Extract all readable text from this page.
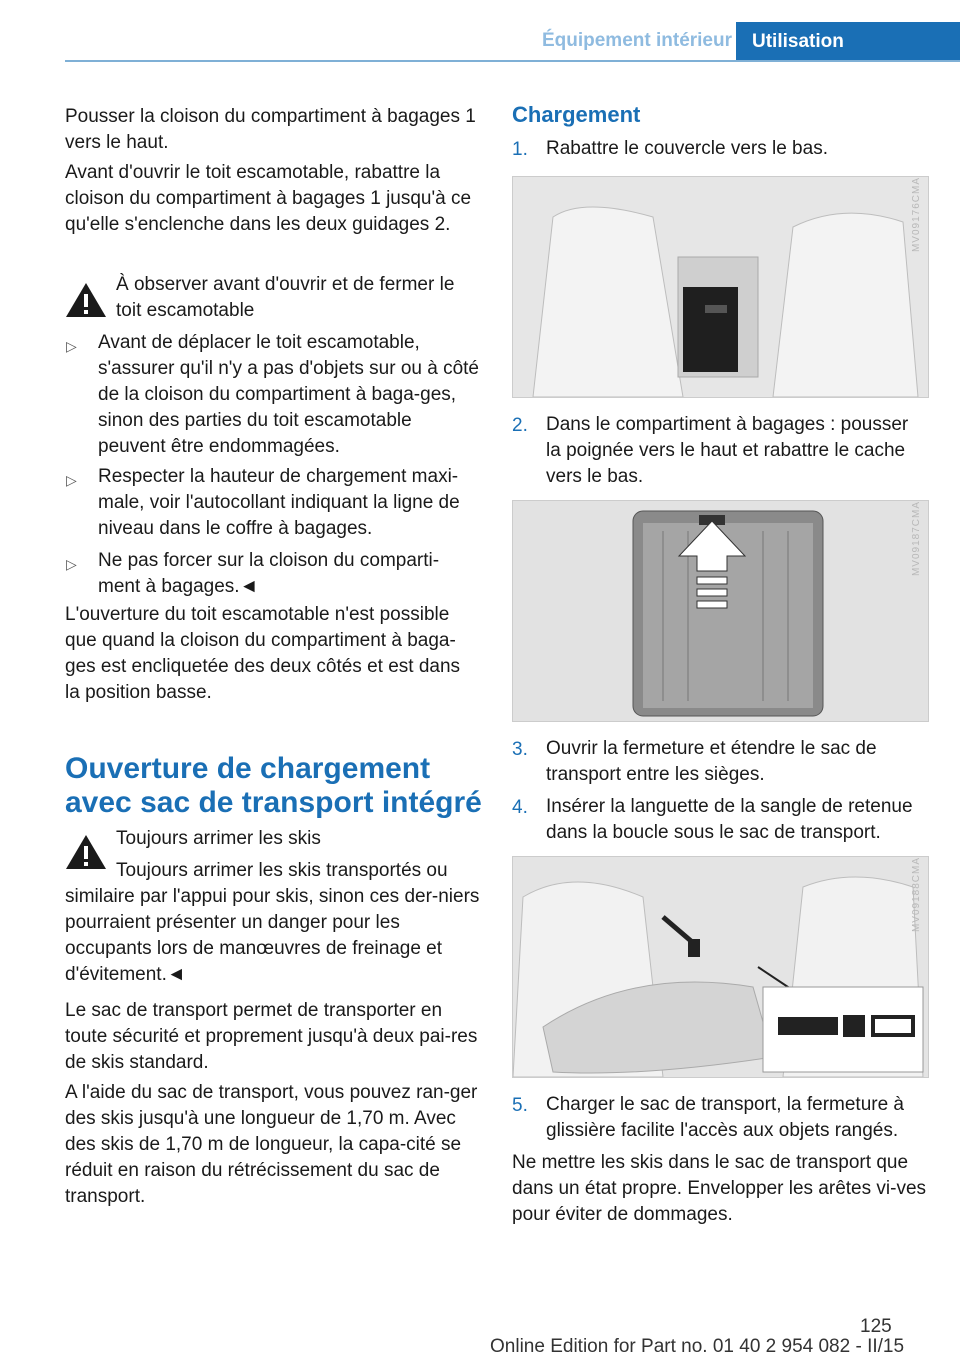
Équipement intérieur	Utilisation

Pousser la cloison du compartiment à bagages 1 vers le haut.

Avant d'ouvrir le toit escamotable, rabattre la cloison du compartiment à bagages 1 jusqu'à ce qu'elle s'enclenche dans les deux guidages 2.

À observer avant d'ouvrir et de fermer le toit escamotable

▷ Avant de déplacer le toit escamotable, s'assurer qu'il n'y a pas d'objets sur ou à côté de la cloison du compartiment à baga-ges, sinon des parties du toit escamotable peuvent être endommagées.

▷ Respecter la hauteur de chargement maxi-male, voir l'autocollant indiquant la ligne de niveau dans le coffre à bagages.

▷ Ne pas forcer sur la cloison du comparti-ment à bagages.◄

L'ouverture du toit escamotable n'est possible que quand la cloison du compartiment à baga-ges est encliquetée des deux côtés et est dans la position basse.

Ouverture de chargement avec sac de transport intégré

Toujours arrimer les skis

Toujours arrimer les skis transportés ou similaire par l'appui pour skis, sinon ces der-niers pourraient présenter un danger pour les occupants lors de manœuvres de freinage et d'évitement.◄

Le sac de transport permet de transporter en toute sécurité et proprement jusqu'à deux pai-res de skis standard.

A l'aide du sac de transport, vous pouvez ran-ger des skis jusqu'à une longueur de 1,70 m. Avec des skis de 1,70 m de longueur, la capa-cité se réduit en raison du rétrécissement du sac de transport.

Chargement
1. Rabattre le couvercle vers le bas.

MV09176CMA
2. Dans le compartiment à bagages : pousser la poignée vers le haut et rabattre le cache vers le bas.

MV09187CMA
3. Ouvrir la fermeture et étendre le sac de transport entre les sièges.

4. Insérer la languette de la sangle de retenue dans la boucle sous le sac de transport.

MV09188CMA
5. Charger le sac de transport, la fermeture à glissière facilite l'accès aux objets rangés.

Ne mettre les skis dans le sac de transport que dans un état propre. Envelopper les arêtes vi-ves pour éviter de dommages.

125
Online Edition for Part no. 01 40 2 954 082 - II/15
